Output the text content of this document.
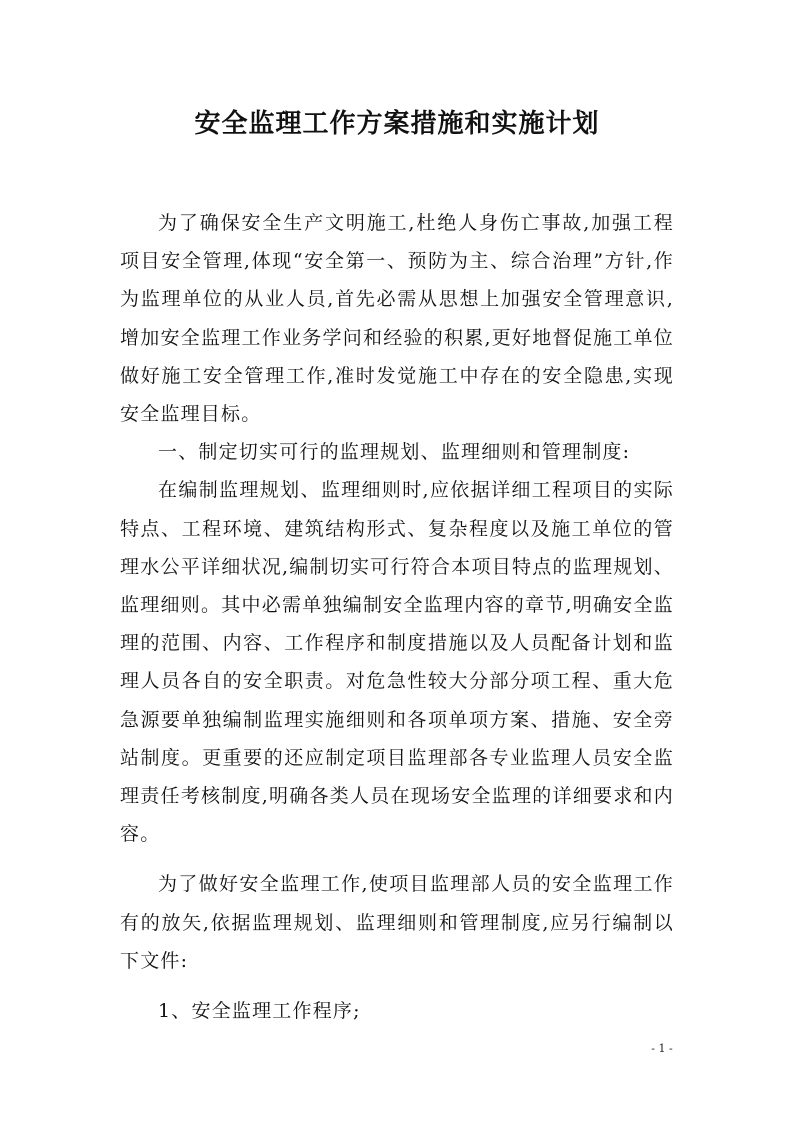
安全监理工作方案措施和实施计划

为了确保安全生产文明施工,杜绝人身伤亡事故,加强工程项目安全管理,体现“安全第一、预防为主、综合治理”方针,作为监理单位的从业人员,首先必需从思想上加强安全管理意识,增加安全监理工作业务学问和经验的积累,更好地督促施工单位做好施工安全管理工作,准时发觉施工中存在的安全隐患,实现安全监理目标。

一、制定切实可行的监理规划、监理细则和管理制度:

在编制监理规划、监理细则时,应依据详细工程项目的实际特点、工程环境、建筑结构形式、复杂程度以及施工单位的管理水公平详细状况,编制切实可行符合本项目特点的监理规划、监理细则。其中必需单独编制安全监理内容的章节,明确安全监理的范围、内容、工作程序和制度措施以及人员配备计划和监理人员各自的安全职责。对危急性较大分部分项工程、重大危急源要单独编制监理实施细则和各项单项方案、措施、安全旁站制度。更重要的还应制定项目监理部各专业监理人员安全监理责任考核制度,明确各类人员在现场安全监理的详细要求和内容。

为了做好安全监理工作,使项目监理部人员的安全监理工作有的放矢,依据监理规划、监理细则和管理制度,应另行编制以下文件:

1、安全监理工作程序;

- 1 -
